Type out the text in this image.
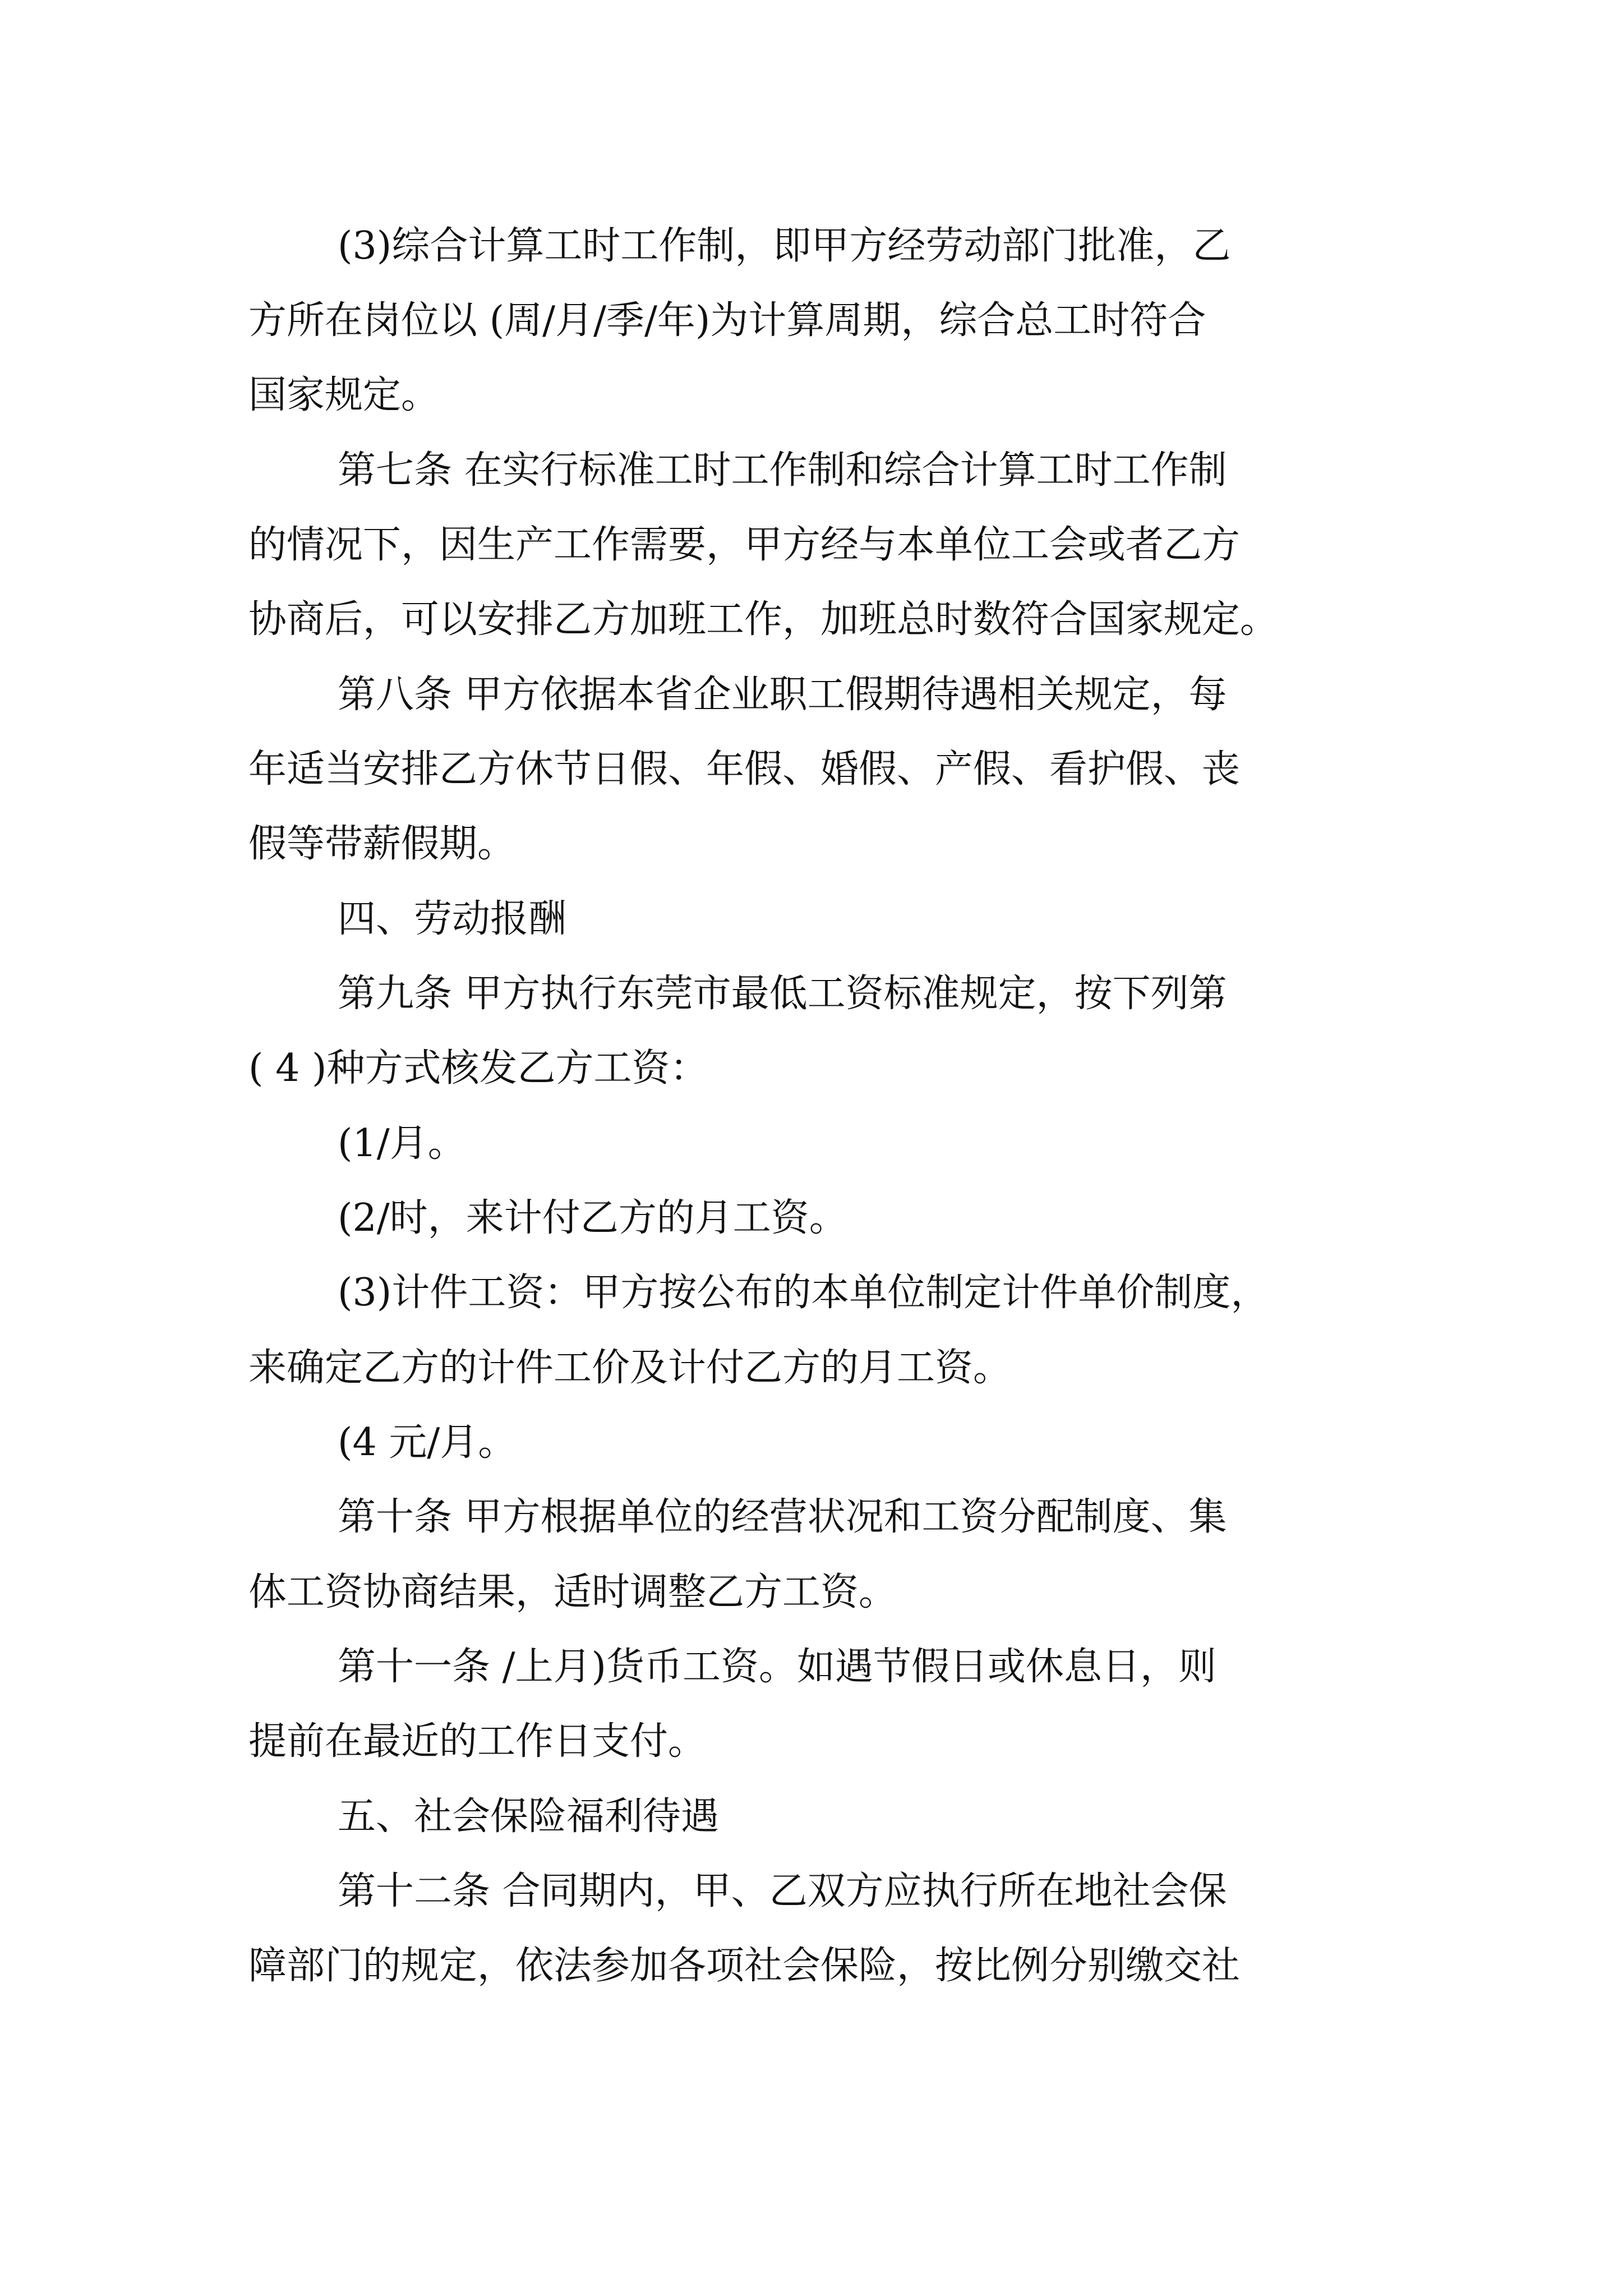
(3)综合计算工时工作制，即甲方经劳动部门批准，乙
方所在岗位以 (周/月/季/年)为计算周期，综合总工时符合
国家规定。
第七条 在实行标准工时工作制和综合计算工时工作制
的情况下，因生产工作需要，甲方经与本单位工会或者乙方
协商后，可以安排乙方加班工作，加班总时数符合国家规定。
第八条 甲方依据本省企业职工假期待遇相关规定，每
年适当安排乙方休节日假、年假、婚假、产假、看护假、丧
假等带薪假期。
四、劳动报酬
第九条 甲方执行东莞市最低工资标准规定，按下列第
( 4 )种方式核发乙方工资：
(1/月。
(2/时，来计付乙方的月工资。
(3)计件工资：甲方按公布的本单位制定计件单价制度，
来确定乙方的计件工价及计付乙方的月工资。
(4 元/月。
第十条 甲方根据单位的经营状况和工资分配制度、集
体工资协商结果，适时调整乙方工资。
第十一条 /上月)货币工资。如遇节假日或休息日，则
提前在最近的工作日支付。
五、社会保险福利待遇
第十二条 合同期内，甲、乙双方应执行所在地社会保
障部门的规定，依法参加各项社会保险，按比例分别缴交社
